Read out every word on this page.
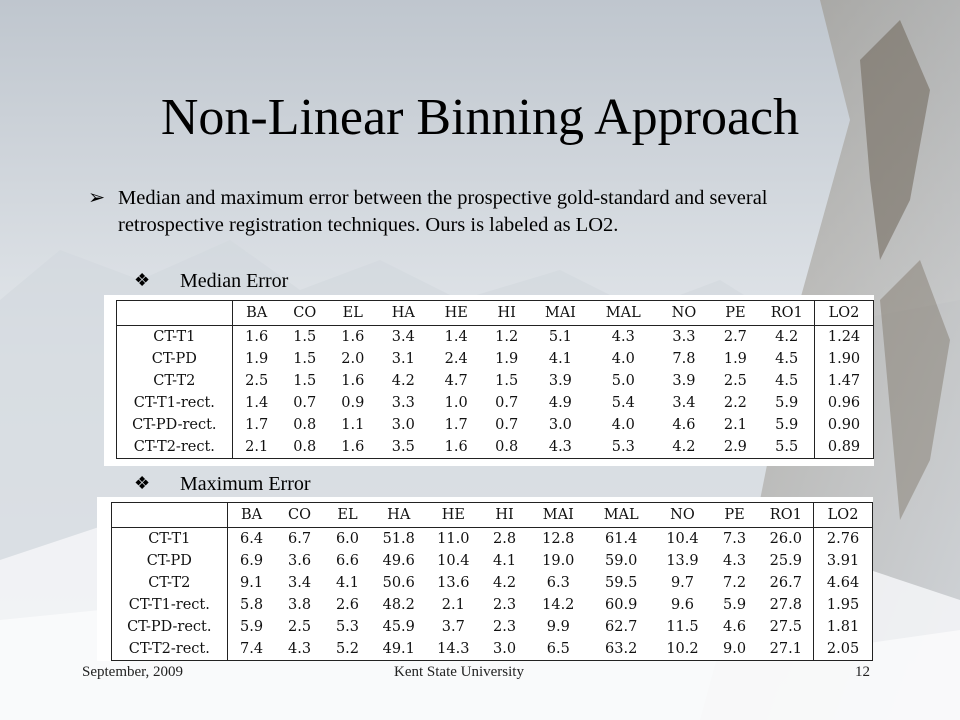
Non-Linear Binning Approach
➢ Median and maximum error between the prospective gold-standard and several retrospective registration techniques. Ours is labeled as LO2.
❖ Median Error
	BA	CO	EL	HA	HE	HI	MAI	MAL	NO	PE	RO1	LO2
CT-T1	1.6	1.5	1.6	3.4	1.4	1.2	5.1	4.3	3.3	2.7	4.2	1.24
CT-PD	1.9	1.5	2.0	3.1	2.4	1.9	4.1	4.0	7.8	1.9	4.5	1.90
CT-T2	2.5	1.5	1.6	4.2	4.7	1.5	3.9	5.0	3.9	2.5	4.5	1.47
CT-T1-rect.	1.4	0.7	0.9	3.3	1.0	0.7	4.9	5.4	3.4	2.2	5.9	0.96
CT-PD-rect.	1.7	0.8	1.1	3.0	1.7	0.7	3.0	4.0	4.6	2.1	5.9	0.90
CT-T2-rect.	2.1	0.8	1.6	3.5	1.6	0.8	4.3	5.3	4.2	2.9	5.5	0.89
❖ Maximum Error
	BA	CO	EL	HA	HE	HI	MAI	MAL	NO	PE	RO1	LO2
CT-T1	6.4	6.7	6.0	51.8	11.0	2.8	12.8	61.4	10.4	7.3	26.0	2.76
CT-PD	6.9	3.6	6.6	49.6	10.4	4.1	19.0	59.0	13.9	4.3	25.9	3.91
CT-T2	9.1	3.4	4.1	50.6	13.6	4.2	6.3	59.5	9.7	7.2	26.7	4.64
CT-T1-rect.	5.8	3.8	2.6	48.2	2.1	2.3	14.2	60.9	9.6	5.9	27.8	1.95
CT-PD-rect.	5.9	2.5	5.3	45.9	3.7	2.3	9.9	62.7	11.5	4.6	27.5	1.81
CT-T2-rect.	7.4	4.3	5.2	49.1	14.3	3.0	6.5	63.2	10.2	9.0	27.1	2.05
September, 2009	Kent State University	12
